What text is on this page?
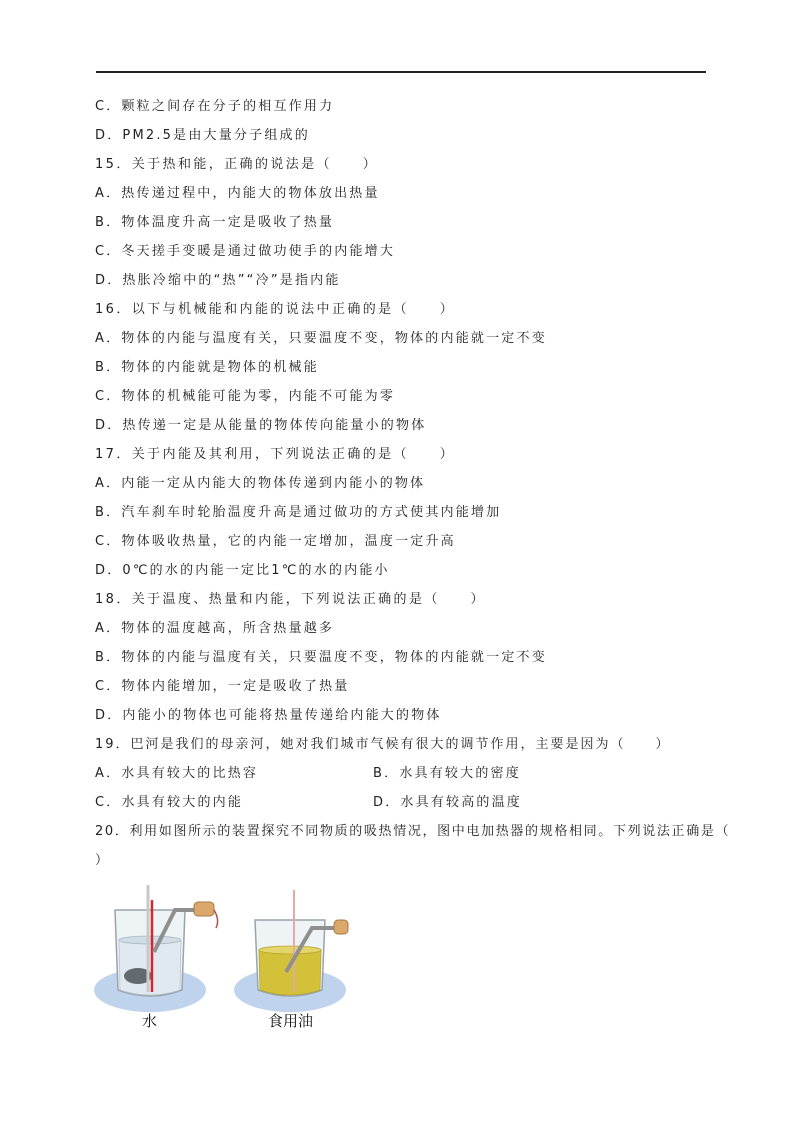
C．颗粒之间存在分子的相互作用力
D．PM2.5是由大量分子组成的
15．关于热和能，正确的说法是（　　）
A．热传递过程中，内能大的物体放出热量
B．物体温度升高一定是吸收了热量
C．冬天搓手变暖是通过做功使手的内能增大
D．热胀冷缩中的“热”“冷”是指内能
16．以下与机械能和内能的说法中正确的是（　　）
A．物体的内能与温度有关，只要温度不变，物体的内能就一定不变
B．物体的内能就是物体的机械能
C．物体的机械能可能为零，内能不可能为零
D．热传递一定是从能量的物体传向能量小的物体
17．关于内能及其利用，下列说法正确的是（　　）
A．内能一定从内能大的物体传递到内能小的物体
B．汽车刹车时轮胎温度升高是通过做功的方式使其内能增加
C．物体吸收热量，它的内能一定增加，温度一定升高
D．0℃的水的内能一定比1℃的水的内能小
18．关于温度、热量和内能，下列说法正确的是（　　）
A．物体的温度越高，所含热量越多
B．物体的内能与温度有关，只要温度不变，物体的内能就一定不变
C．物体内能增加，一定是吸收了热量
D．内能小的物体也可能将热量传递给内能大的物体
19．巴河是我们的母亲河，她对我们城市气候有很大的调节作用，主要是因为（　　）
A．水具有较大的比热容	B．水具有较大的密度
C．水具有较大的内能	D．水具有较高的温度
20．利用如图所示的装置探究不同物质的吸热情况，图中电加热器的规格相同。下列说法正确是（
）
水	食用油
